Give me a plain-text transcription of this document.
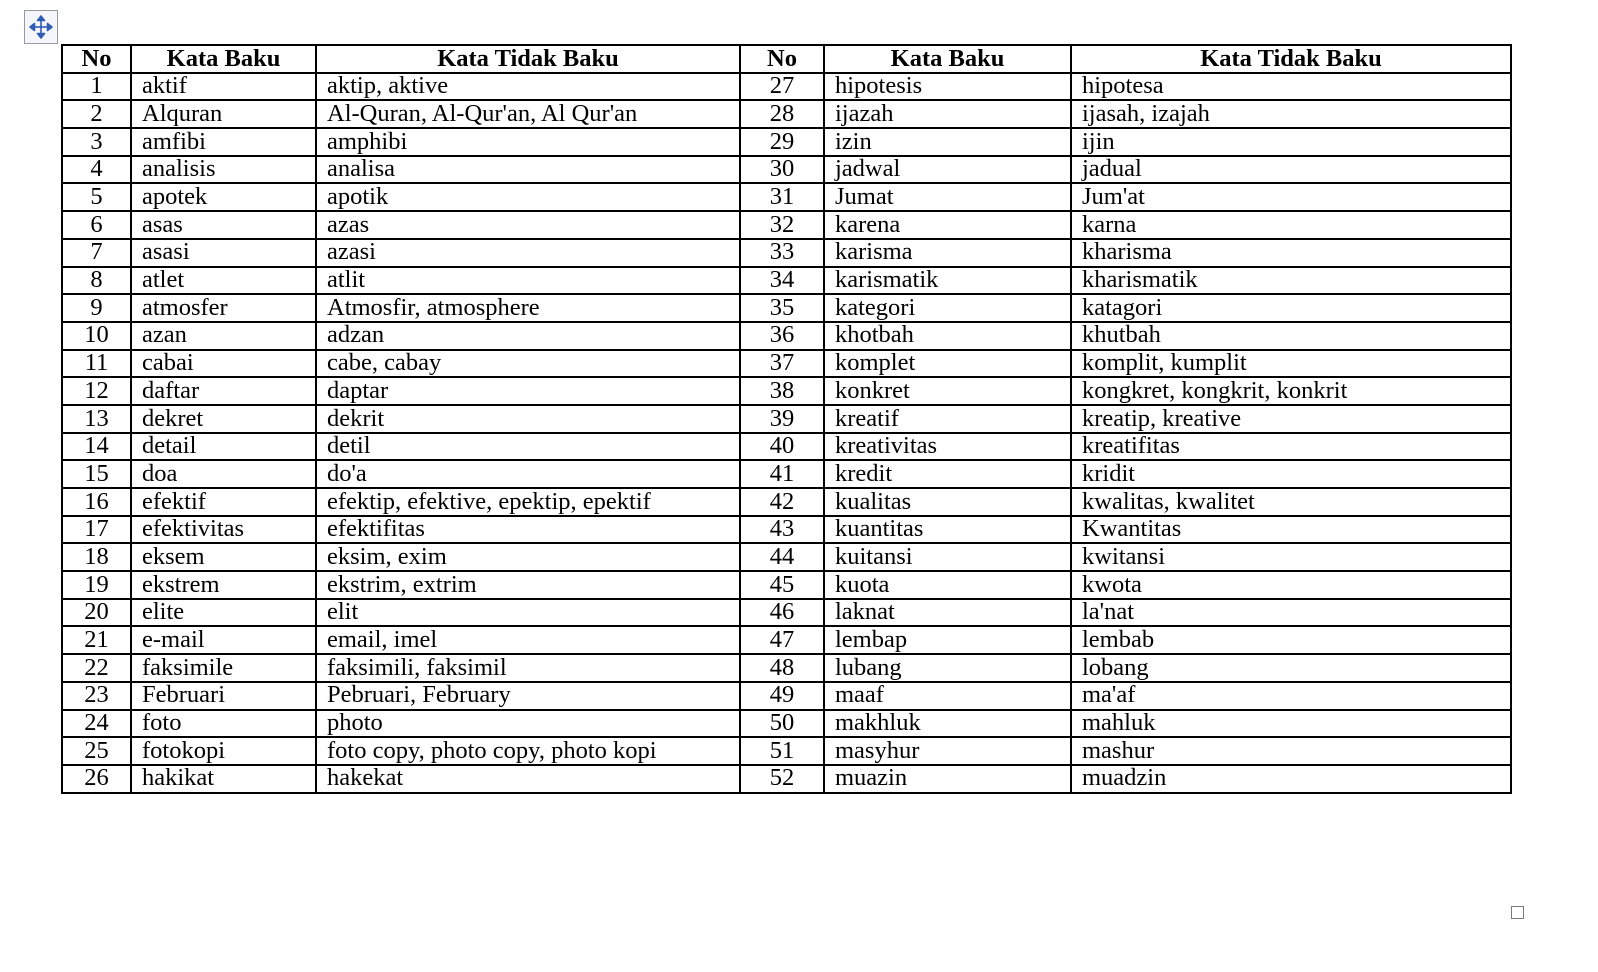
No	Kata Baku	Kata Tidak Baku	No	Kata Baku	Kata Tidak Baku
1	aktif	aktip, aktive	27	hipotesis	hipotesa
2	Alquran	Al-Quran, Al-Qur'an, Al Qur'an	28	ijazah	ijasah, izajah
3	amfibi	amphibi	29	izin	ijin
4	analisis	analisa	30	jadwal	jadual
5	apotek	apotik	31	Jumat	Jum'at
6	asas	azas	32	karena	karna
7	asasi	azasi	33	karisma	kharisma
8	atlet	atlit	34	karismatik	kharismatik
9	atmosfer	Atmosfir, atmosphere	35	kategori	katagori
10	azan	adzan	36	khotbah	khutbah
11	cabai	cabe, cabay	37	komplet	komplit, kumplit
12	daftar	daptar	38	konkret	kongkret, kongkrit, konkrit
13	dekret	dekrit	39	kreatif	kreatip, kreative
14	detail	detil	40	kreativitas	kreatifitas
15	doa	do'a	41	kredit	kridit
16	efektif	efektip, efektive, epektip, epektif	42	kualitas	kwalitas, kwalitet
17	efektivitas	efektifitas	43	kuantitas	Kwantitas
18	eksem	eksim, exim	44	kuitansi	kwitansi
19	ekstrem	ekstrim, extrim	45	kuota	kwota
20	elite	elit	46	laknat	la'nat
21	e-mail	email, imel	47	lembap	lembab
22	faksimile	faksimili, faksimil	48	lubang	lobang
23	Februari	Pebruari, February	49	maaf	ma'af
24	foto	photo	50	makhluk	mahluk
25	fotokopi	foto copy, photo copy, photo kopi	51	masyhur	mashur
26	hakikat	hakekat	52	muazin	muadzin
